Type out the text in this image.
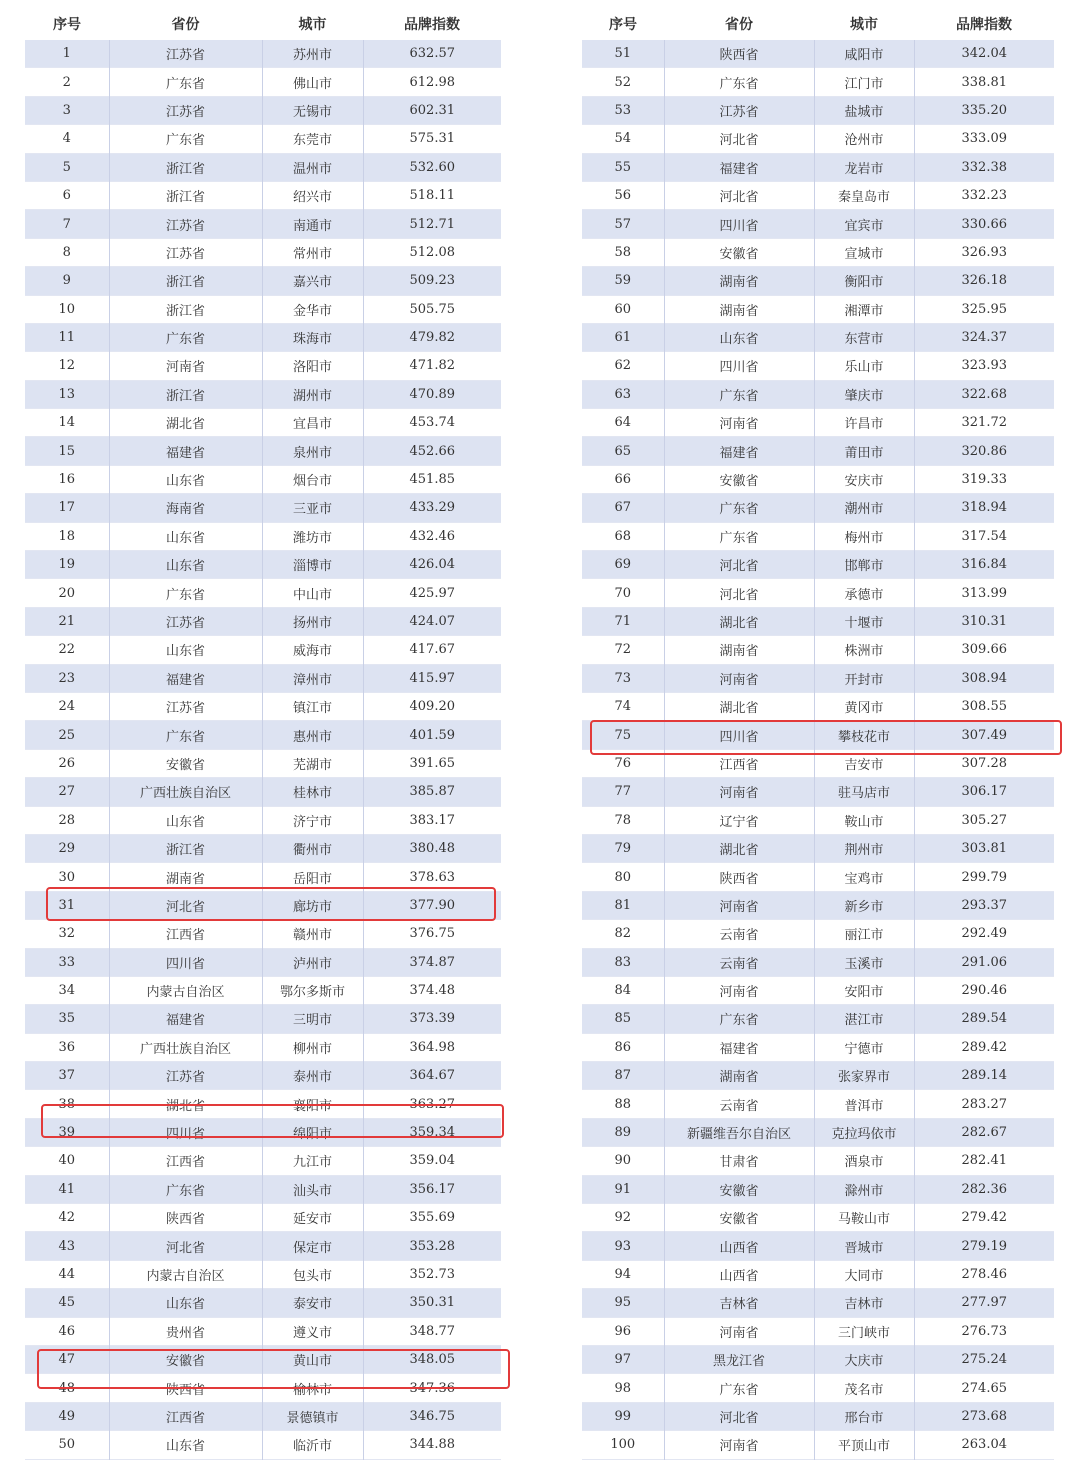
序号	省份	城市	品牌指数
1	江苏省	苏州市	632.57
2	广东省	佛山市	612.98
3	江苏省	无锡市	602.31
4	广东省	东莞市	575.31
5	浙江省	温州市	532.60
6	浙江省	绍兴市	518.11
7	江苏省	南通市	512.71
8	江苏省	常州市	512.08
9	浙江省	嘉兴市	509.23
10	浙江省	金华市	505.75
11	广东省	珠海市	479.82
12	河南省	洛阳市	471.82
13	浙江省	湖州市	470.89
14	湖北省	宜昌市	453.74
15	福建省	泉州市	452.66
16	山东省	烟台市	451.85
17	海南省	三亚市	433.29
18	山东省	潍坊市	432.46
19	山东省	淄博市	426.04
20	广东省	中山市	425.97
21	江苏省	扬州市	424.07
22	山东省	威海市	417.67
23	福建省	漳州市	415.97
24	江苏省	镇江市	409.20
25	广东省	惠州市	401.59
26	安徽省	芜湖市	391.65
27	广西壮族自治区	桂林市	385.87
28	山东省	济宁市	383.17
29	浙江省	衢州市	380.48
30	湖南省	岳阳市	378.63
31	河北省	廊坊市	377.90
32	江西省	赣州市	376.75
33	四川省	泸州市	374.87
34	内蒙古自治区	鄂尔多斯市	374.48
35	福建省	三明市	373.39
36	广西壮族自治区	柳州市	364.98
37	江苏省	泰州市	364.67
38	湖北省	襄阳市	363.27
39	四川省	绵阳市	359.34
40	江西省	九江市	359.04
41	广东省	汕头市	356.17
42	陕西省	延安市	355.69
43	河北省	保定市	353.28
44	内蒙古自治区	包头市	352.73
45	山东省	泰安市	350.31
46	贵州省	遵义市	348.77
47	安徽省	黄山市	348.05
48	陕西省	榆林市	347.36
49	江西省	景德镇市	346.75
50	山东省	临沂市	344.88
序号	省份	城市	品牌指数
51	陕西省	咸阳市	342.04
52	广东省	江门市	338.81
53	江苏省	盐城市	335.20
54	河北省	沧州市	333.09
55	福建省	龙岩市	332.38
56	河北省	秦皇岛市	332.23
57	四川省	宜宾市	330.66
58	安徽省	宣城市	326.93
59	湖南省	衡阳市	326.18
60	湖南省	湘潭市	325.95
61	山东省	东营市	324.37
62	四川省	乐山市	323.93
63	广东省	肇庆市	322.68
64	河南省	许昌市	321.72
65	福建省	莆田市	320.86
66	安徽省	安庆市	319.33
67	广东省	潮州市	318.94
68	广东省	梅州市	317.54
69	河北省	邯郸市	316.84
70	河北省	承德市	313.99
71	湖北省	十堰市	310.31
72	湖南省	株洲市	309.66
73	河南省	开封市	308.94
74	湖北省	黄冈市	308.55
75	四川省	攀枝花市	307.49
76	江西省	吉安市	307.28
77	河南省	驻马店市	306.17
78	辽宁省	鞍山市	305.27
79	湖北省	荆州市	303.81
80	陕西省	宝鸡市	299.79
81	河南省	新乡市	293.37
82	云南省	丽江市	292.49
83	云南省	玉溪市	291.06
84	河南省	安阳市	290.46
85	广东省	湛江市	289.54
86	福建省	宁德市	289.42
87	湖南省	张家界市	289.14
88	云南省	普洱市	283.27
89	新疆维吾尔自治区	克拉玛依市	282.67
90	甘肃省	酒泉市	282.41
91	安徽省	滁州市	282.36
92	安徽省	马鞍山市	279.42
93	山西省	晋城市	279.19
94	山西省	大同市	278.46
95	吉林省	吉林市	277.97
96	河南省	三门峡市	276.73
97	黑龙江省	大庆市	275.24
98	广东省	茂名市	274.65
99	河北省	邢台市	273.68
100	河南省	平顶山市	263.04
